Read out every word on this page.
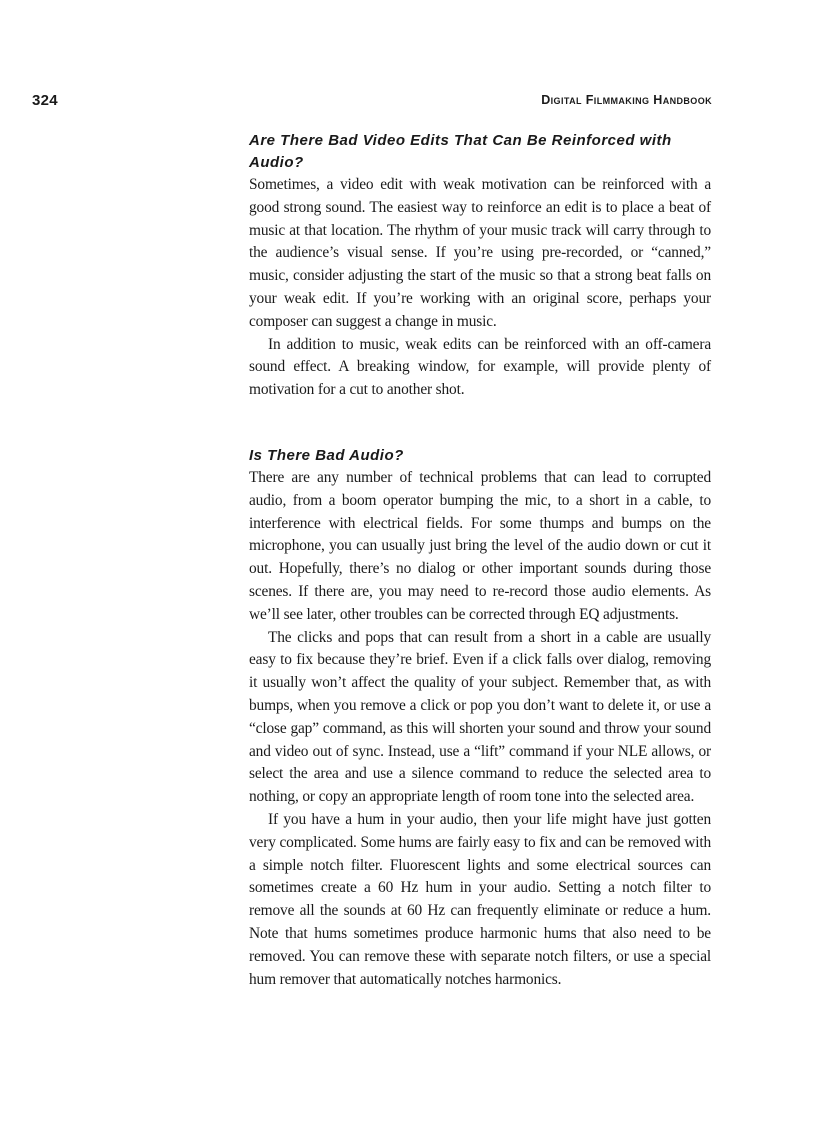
324	Digital Filmmaking Handbook
Are There Bad Video Edits That Can Be Reinforced with Audio?

Sometimes, a video edit with weak motivation can be reinforced with a good strong sound. The easiest way to reinforce an edit is to place a beat of music at that location. The rhythm of your music track will carry through to the audience’s visual sense. If you’re using pre-recorded, or “canned,” music, consider adjusting the start of the music so that a strong beat falls on your weak edit. If you’re working with an original score, perhaps your composer can suggest a change in music.

In addition to music, weak edits can be reinforced with an off-camera sound effect. A breaking window, for example, will provide plenty of motivation for a cut to another shot.

Is There Bad Audio?

There are any number of technical problems that can lead to corrupted audio, from a boom operator bumping the mic, to a short in a cable, to interference with electrical fields. For some thumps and bumps on the microphone, you can usually just bring the level of the audio down or cut it out. Hopefully, there’s no dialog or other important sounds during those scenes. If there are, you may need to re-record those audio elements. As we’ll see later, other troubles can be corrected through EQ adjustments.

The clicks and pops that can result from a short in a cable are usually easy to fix because they’re brief. Even if a click falls over dialog, removing it usually won’t affect the quality of your subject. Remember that, as with bumps, when you remove a click or pop you don’t want to delete it, or use a “close gap” command, as this will shorten your sound and throw your sound and video out of sync. Instead, use a “lift” command if your NLE allows, or select the area and use a silence command to reduce the selected area to nothing, or copy an appropriate length of room tone into the selected area.

If you have a hum in your audio, then your life might have just gotten very complicated. Some hums are fairly easy to fix and can be removed with a simple notch filter. Fluorescent lights and some electrical sources can sometimes create a 60 Hz hum in your audio. Setting a notch filter to remove all the sounds at 60 Hz can frequently eliminate or reduce a hum. Note that hums sometimes produce harmonic hums that also need to be removed. You can remove these with separate notch filters, or use a special hum remover that automatically notches harmonics.
